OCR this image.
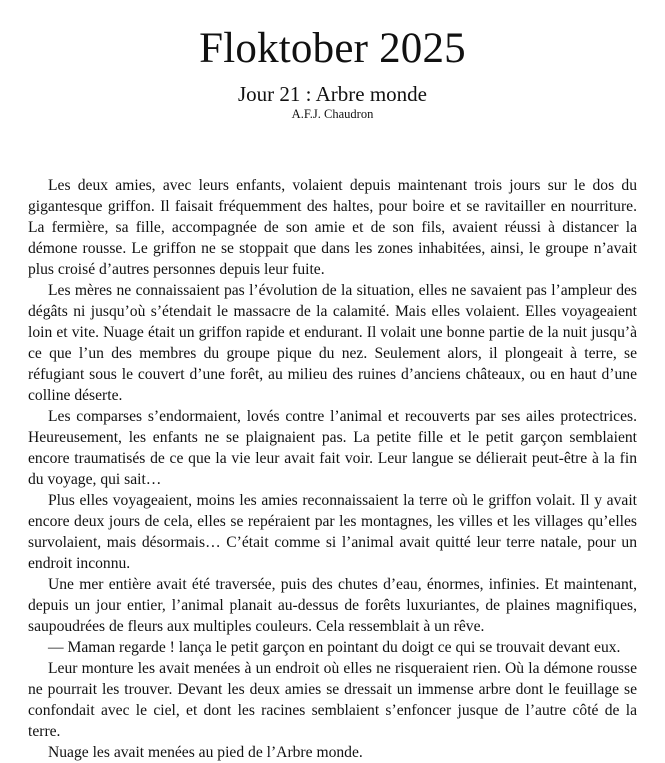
Floktober 2025
Jour 21 : Arbre monde
A.F.J. Chaudron

Les deux amies, avec leurs enfants, volaient depuis maintenant trois jours sur le dos du gigantesque griffon. Il faisait fréquemment des haltes, pour boire et se ravitailler en nourriture. La fermière, sa fille, accompagnée de son amie et de son fils, avaient réussi à distancer la démone rousse. Le griffon ne se stoppait que dans les zones inhabitées, ainsi, le groupe n’avait plus croisé d’autres personnes depuis leur fuite.

Les mères ne connaissaient pas l’évolution de la situation, elles ne savaient pas l’ampleur des dégâts ni jusqu’où s’étendait le massacre de la calamité. Mais elles volaient. Elles voyageaient loin et vite. Nuage était un griffon rapide et endurant. Il volait une bonne partie de la nuit jusqu’à ce que l’un des membres du groupe pique du nez. Seulement alors, il plongeait à terre, se réfugiant sous le couvert d’une forêt, au milieu des ruines d’anciens châteaux, ou en haut d’une colline déserte.

Les comparses s’endormaient, lovés contre l’animal et recouverts par ses ailes protectrices. Heureusement, les enfants ne se plaignaient pas. La petite fille et le petit garçon semblaient encore traumatisés de ce que la vie leur avait fait voir. Leur langue se délierait peut-être à la fin du voyage, qui sait…

Plus elles voyageaient, moins les amies reconnaissaient la terre où le griffon volait. Il y avait encore deux jours de cela, elles se repéraient par les montagnes, les villes et les villages qu’elles survolaient, mais désormais… C’était comme si l’animal avait quitté leur terre natale, pour un endroit inconnu.

Une mer entière avait été traversée, puis des chutes d’eau, énormes, infinies. Et maintenant, depuis un jour entier, l’animal planait au-dessus de forêts luxuriantes, de plaines magnifiques, saupoudrées de fleurs aux multiples couleurs. Cela ressemblait à un rêve.

— Maman regarde ! lança le petit garçon en pointant du doigt ce qui se trouvait devant eux.

Leur monture les avait menées à un endroit où elles ne risqueraient rien. Où la démone rousse ne pourrait les trouver. Devant les deux amies se dressait un immense arbre dont le feuillage se confondait avec le ciel, et dont les racines semblaient s’enfoncer jusque de l’autre côté de la terre.

Nuage les avait menées au pied de l’Arbre monde.
